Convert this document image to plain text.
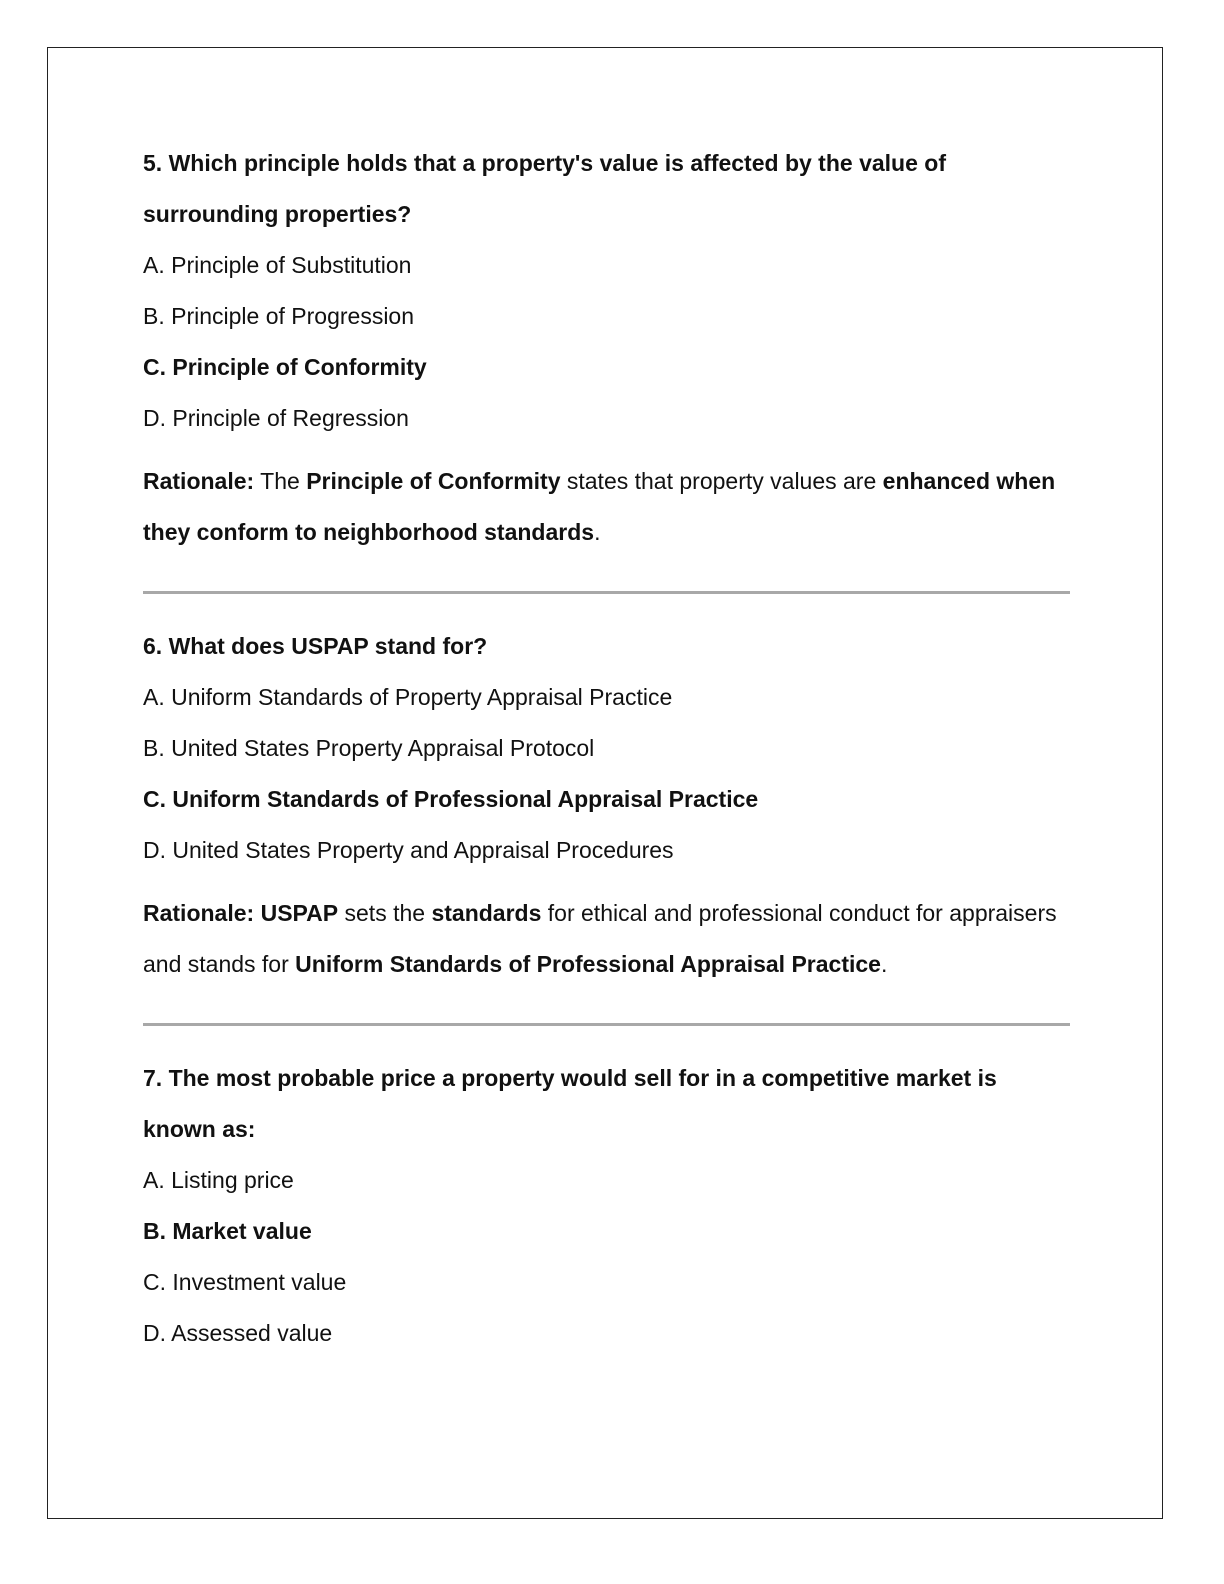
5. Which principle holds that a property's value is affected by the value of surrounding properties?

A. Principle of Substitution

B. Principle of Progression

C. Principle of Conformity

D. Principle of Regression

Rationale: The Principle of Conformity states that property values are enhanced when they conform to neighborhood standards.

6. What does USPAP stand for?

A. Uniform Standards of Property Appraisal Practice

B. United States Property Appraisal Protocol

C. Uniform Standards of Professional Appraisal Practice

D. United States Property and Appraisal Procedures

Rationale: USPAP sets the standards for ethical and professional conduct for appraisers and stands for Uniform Standards of Professional Appraisal Practice.

7. The most probable price a property would sell for in a competitive market is known as:

A. Listing price

B. Market value

C. Investment value

D. Assessed value
